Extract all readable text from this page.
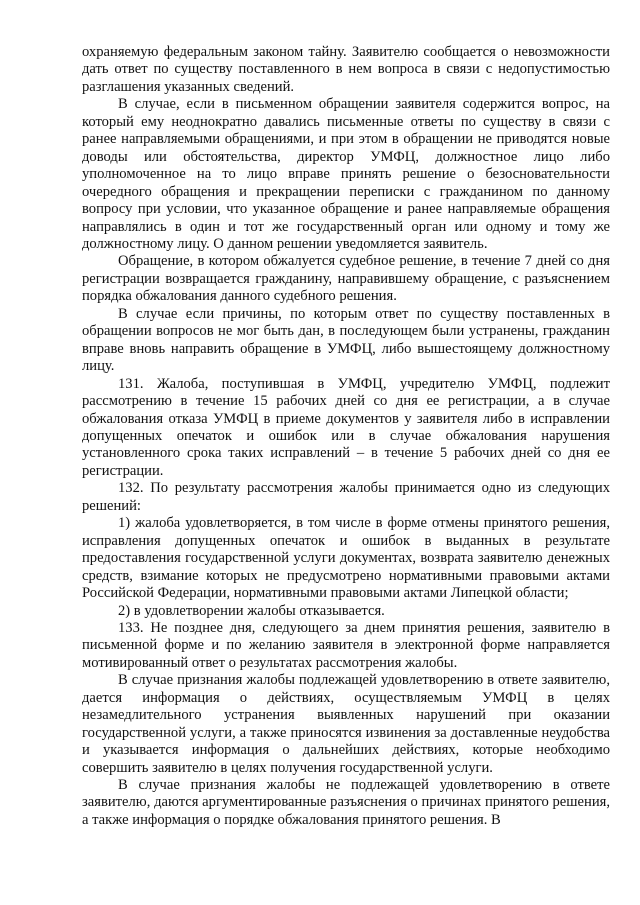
охраняемую федеральным законом тайну. Заявителю сообщается о невозможности дать ответ по существу поставленного в нем вопроса в связи с недопустимостью разглашения указанных сведений.

В случае, если в письменном обращении заявителя содержится вопрос, на который ему неоднократно давались письменные ответы по существу в связи с ранее направляемыми обращениями, и при этом в обращении не приводятся новые доводы или обстоятельства, директор УМФЦ, должностное лицо либо уполномоченное на то лицо вправе принять решение о безосновательности очередного обращения и прекращении переписки с гражданином по данному вопросу при условии, что указанное обращение и ранее направляемые обращения направлялись в один и тот же государственный орган или одному и тому же должностному лицу. О данном решении уведомляется заявитель.

Обращение, в котором обжалуется судебное решение, в течение 7 дней со дня регистрации возвращается гражданину, направившему обращение, с разъяснением порядка обжалования данного судебного решения.

В случае если причины, по которым ответ по существу поставленных в обращении вопросов не мог быть дан, в последующем были устранены, гражданин вправе вновь направить обращение в УМФЦ, либо вышестоящему должностному лицу.

131. Жалоба, поступившая в УМФЦ, учредителю УМФЦ, подлежит рассмотрению в течение 15 рабочих дней со дня ее регистрации, а в случае обжалования отказа УМФЦ в приеме документов у заявителя либо в исправлении допущенных опечаток и ошибок или в случае обжалования нарушения установленного срока таких исправлений – в течение 5 рабочих дней со дня ее регистрации.

132. По результату рассмотрения жалобы принимается одно из следующих решений:

1) жалоба удовлетворяется, в том числе в форме отмены принятого решения, исправления допущенных опечаток и ошибок в выданных в результате предоставления государственной услуги документах, возврата заявителю денежных средств, взимание которых не предусмотрено нормативными правовыми актами Российской Федерации, нормативными правовыми актами Липецкой области;

2) в удовлетворении жалобы отказывается.

133. Не позднее дня, следующего за днем принятия решения, заявителю в письменной форме и по желанию заявителя в электронной форме направляется мотивированный ответ о результатах рассмотрения жалобы.

В случае признания жалобы подлежащей удовлетворению в ответе заявителю, дается информация о действиях, осуществляемым УМФЦ в целях незамедлительного устранения выявленных нарушений при оказании государственной услуги, а также приносятся извинения за доставленные неудобства и указывается информация о дальнейших действиях, которые необходимо совершить заявителю в целях получения государственной услуги.

В случае признания жалобы не подлежащей удовлетворению в ответе заявителю, даются аргументированные разъяснения о причинах принятого решения, а также информация о порядке обжалования принятого решения. В
